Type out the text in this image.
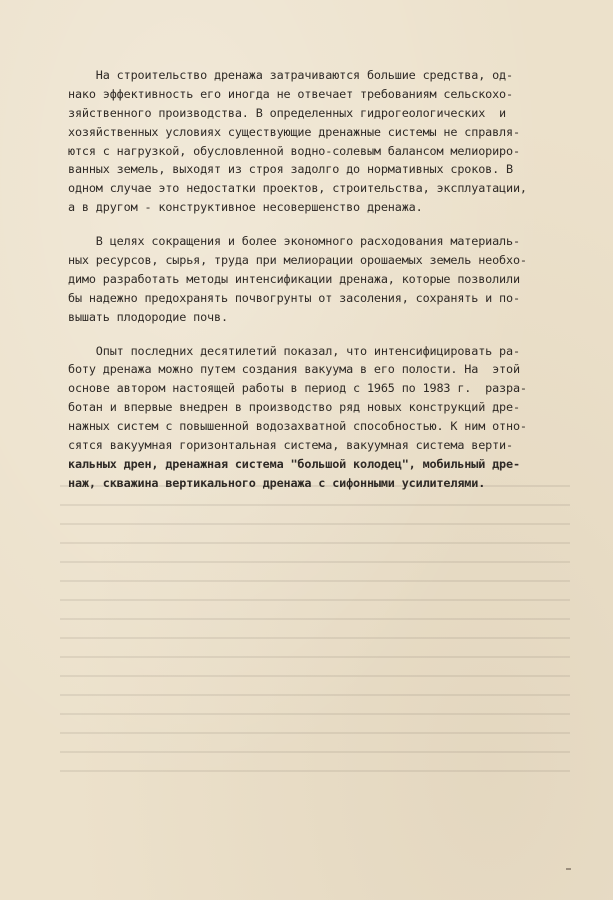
На строительство дренажа затрачиваются большие средства, од-
нако эффективность его иногда не отвечает требованиям сельскохо-
зяйственного производства. В определенных гидрогеологических  и
хозяйственных условиях существующие дренажные системы не справля-
ются с нагрузкой, обусловленной водно-солевым балансом мелиориро-
ванных земель, выходят из строя задолго до нормативных сроков. В
одном случае это недостатки проектов, строительства, эксплуатации,
а в другом - конструктивное несовершенство дренажа.
В целях сокращения и более экономного расходования материаль-
ных ресурсов, сырья, труда при мелиорации орошаемых земель необхо-
димо разработать методы интенсификации дренажа, которые позволили
бы надежно предохранять почвогрунты от засоления, сохранять и по-
вышать плодородие почв.
Опыт последних десятилетий показал, что интенсифицировать ра-
боту дренажа можно путем создания вакуума в его полости. На  этой
основе автором настоящей работы в период с 1965 по 1983 г.  разра-
ботан и впервые внедрен в производство ряд новых конструкций дре-
нажных систем с повышенной водозахватной способностью. К ним отно-
сятся вакуумная горизонтальная система, вакуумная система верти-
кальных дрен, дренажная система "большой колодец", мобильный дре-
наж, скважина вертикального дренажа с сифонными усилителями.
